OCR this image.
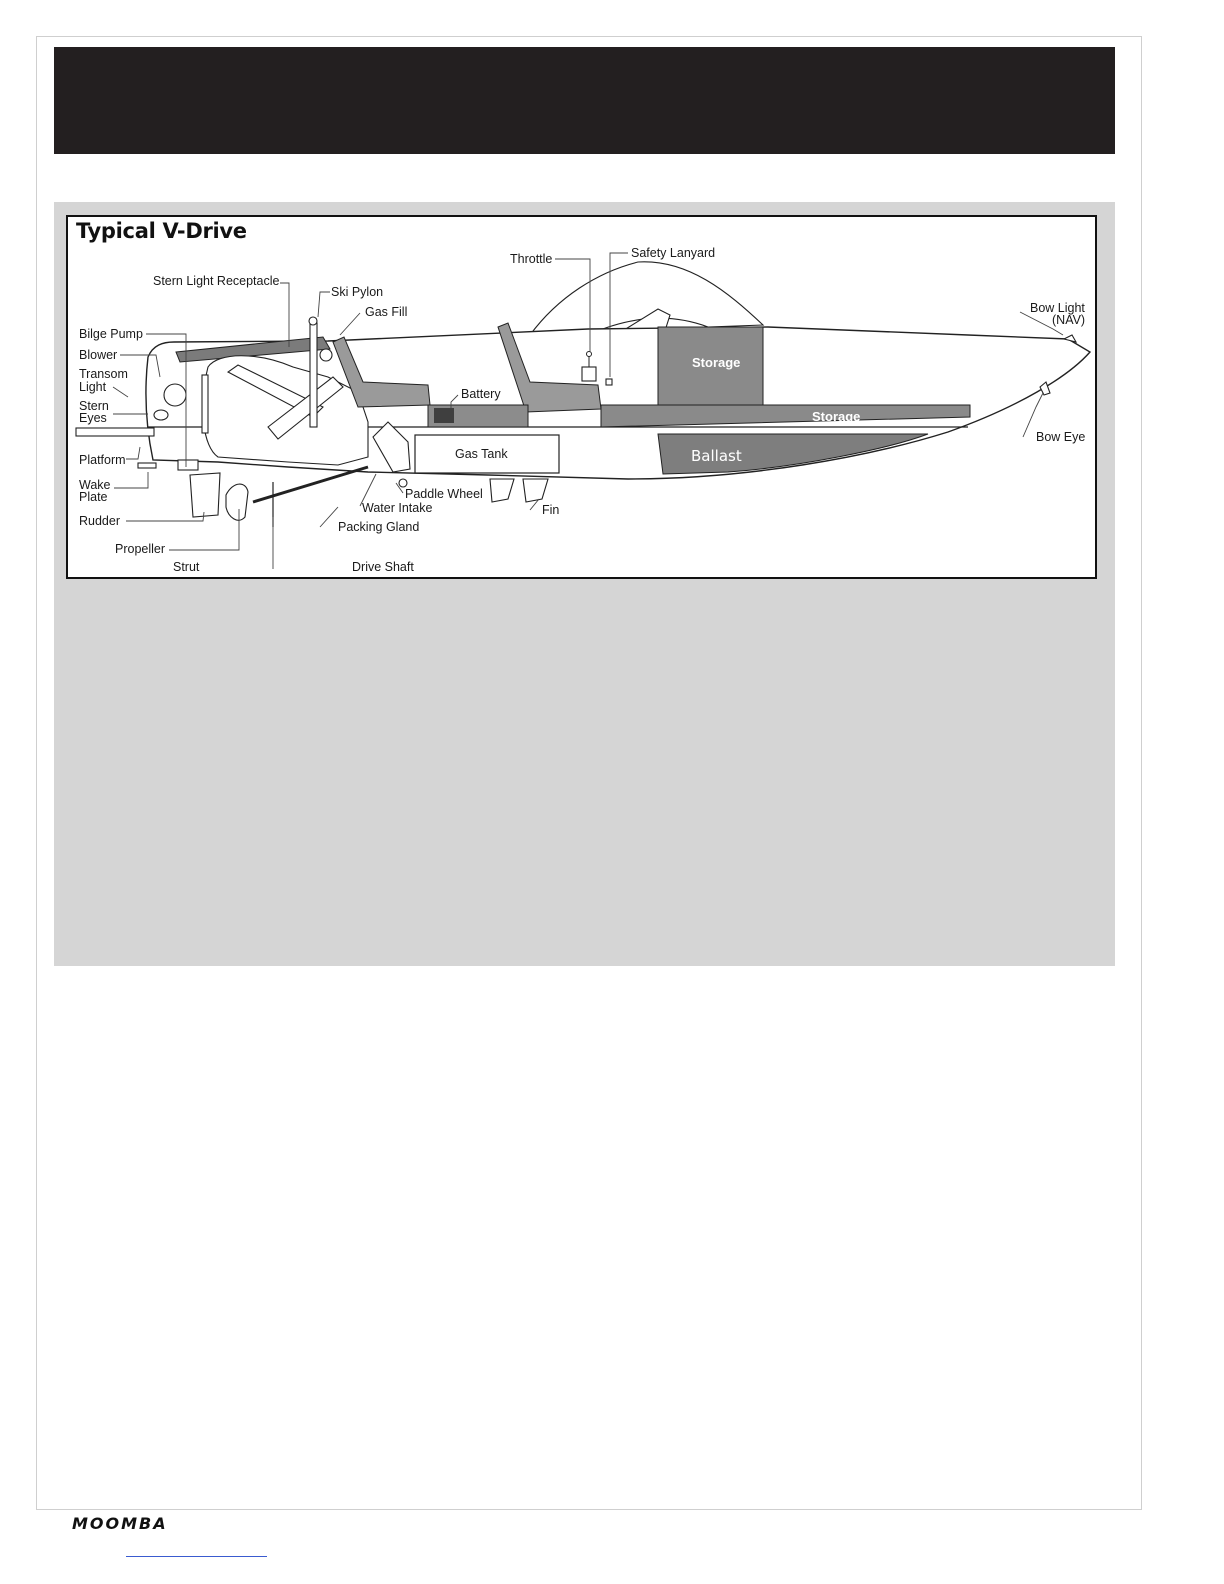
Stern Light Receptacle
Ski Pylon
Gas Fill
Throttle	Safety Lanyard
Bow Light
(NAV)
Bilge Pump
Blower
Transom
Light
Stern
Eyes
Platform
Wake
Plate
Rudder
Propeller
Strut	Drive Shaft
Packing Gland
Water Intake
Paddle Wheel
Fin
Battery
Gas Tank
Storage
Storage
Ballast
Bow Eye
Typical V-Drive
MOOMBA
